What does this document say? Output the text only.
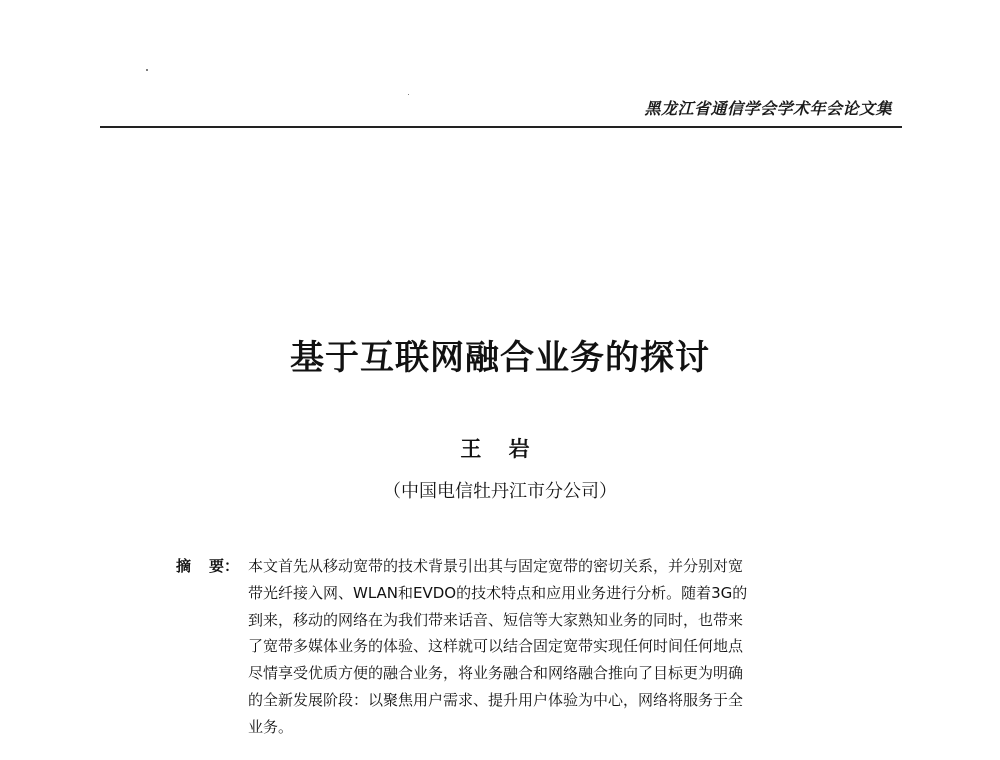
黑龙江省通信学会学术年会论文集
基于互联网融合业务的探讨
王 岩
（中国电信牡丹江市分公司）
摘 要： 本文首先从移动宽带的技术背景引出其与固定宽带的密切关系，并分别对宽
带光纤接入网、WLAN和EVDO的技术特点和应用业务进行分析。随着3G的
到来，移动的网络在为我们带来话音、短信等大家熟知业务的同时，也带来
了宽带多媒体业务的体验、这样就可以结合固定宽带实现任何时间任何地点
尽情享受优质方便的融合业务，将业务融合和网络融合推向了目标更为明确
的全新发展阶段：以聚焦用户需求、提升用户体验为中心，网络将服务于全
业务。
